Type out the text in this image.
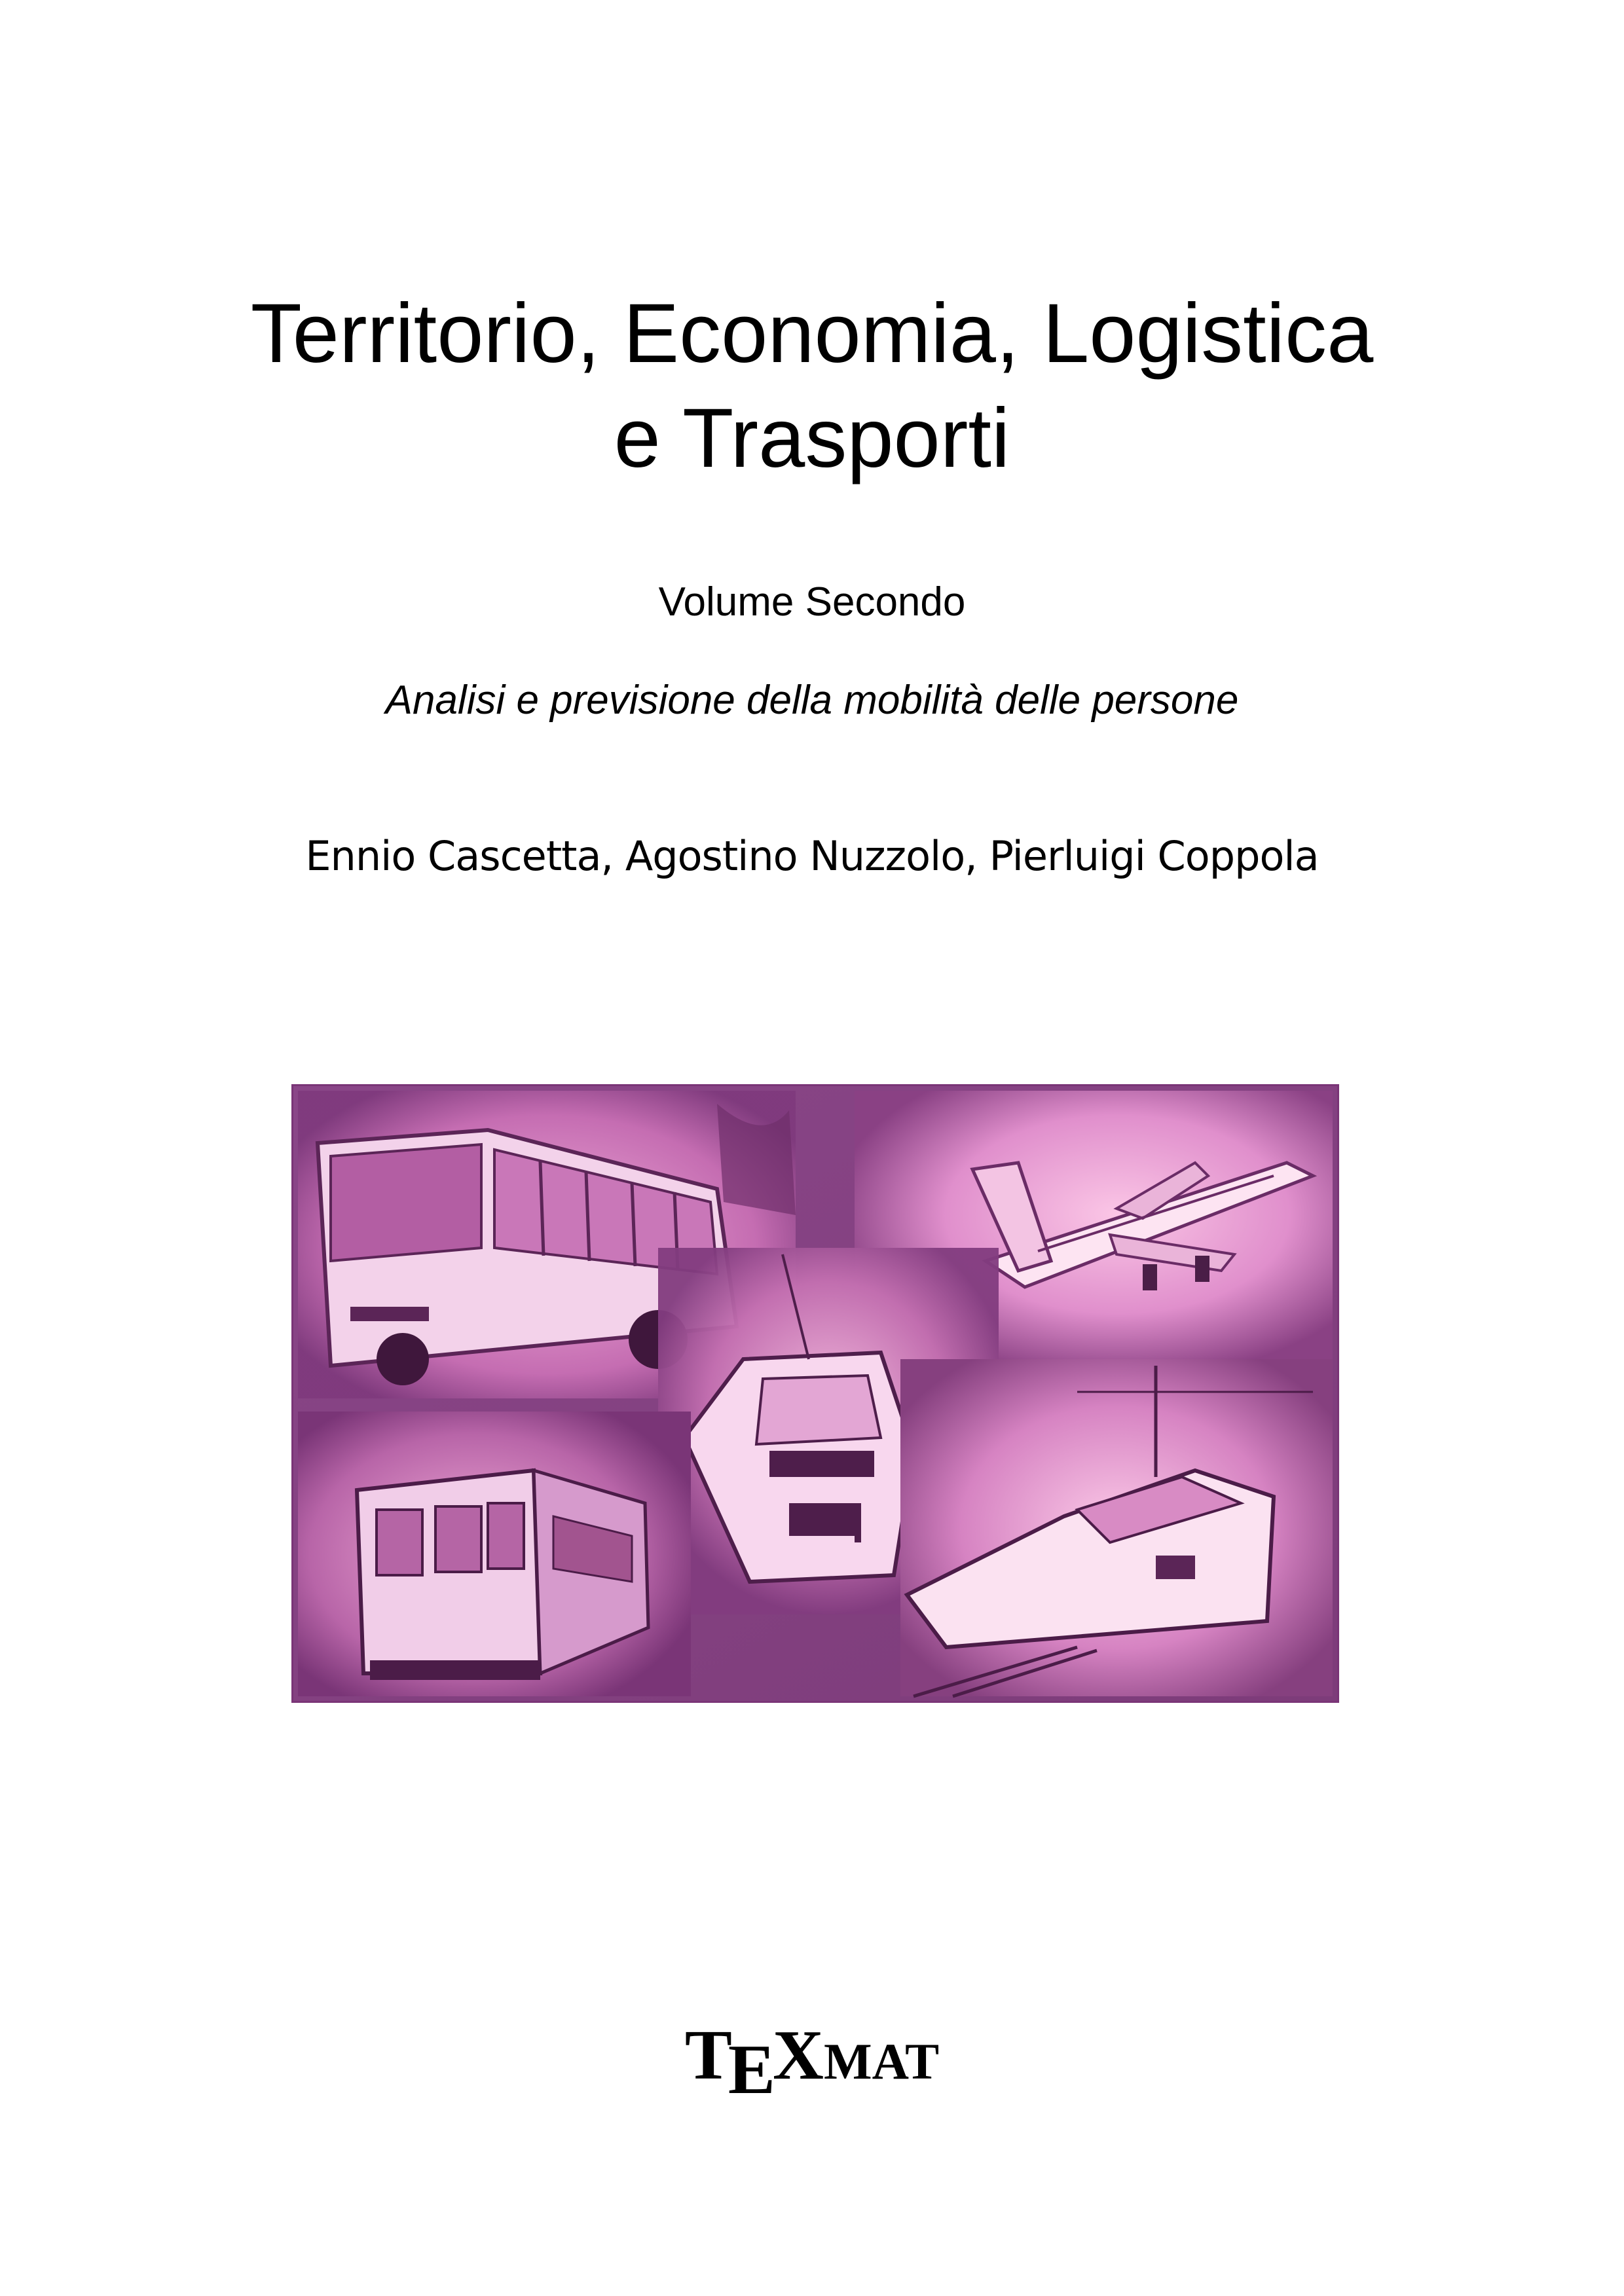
Territorio, Economia, Logistica
e Trasporti
Volume Secondo
Analisi e previsione della mobilità delle persone
Ennio Cascetta, Agostino Nuzzolo, Pierluigi Coppola
TEXMAT
